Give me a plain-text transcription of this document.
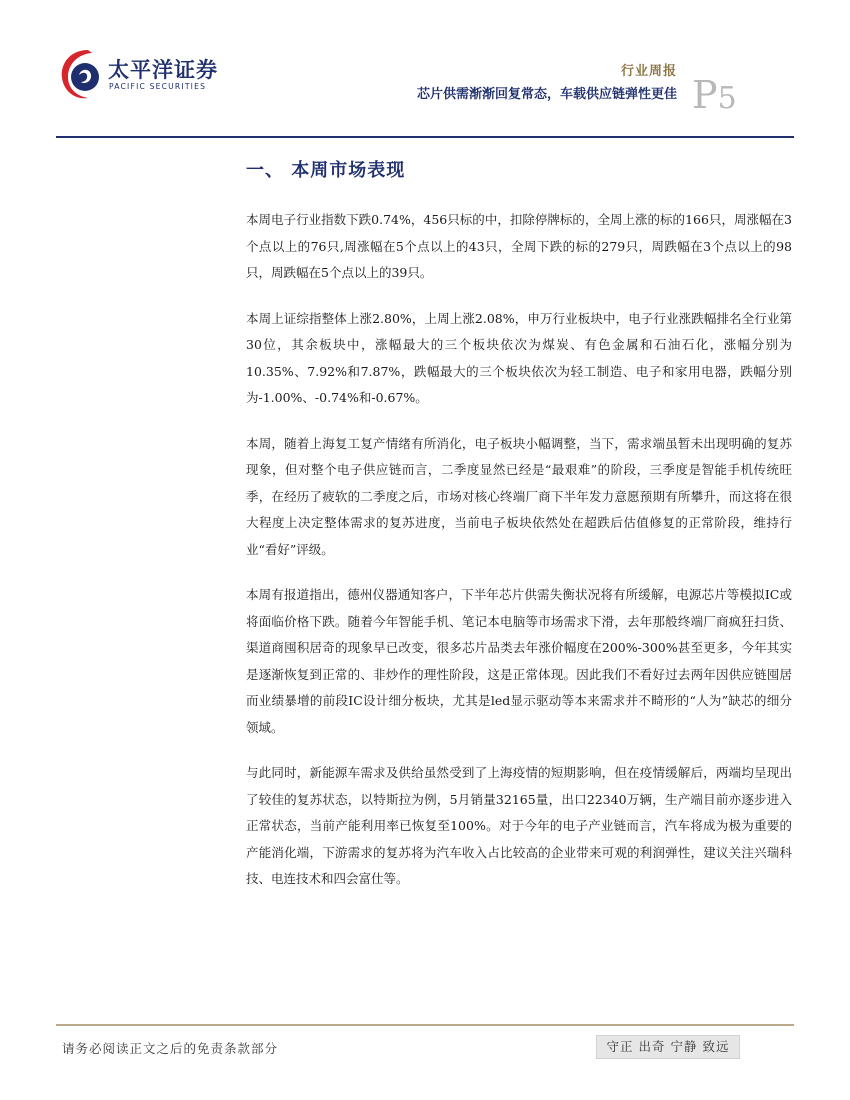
太平洋证券
PACIFIC SECURITIES
行业周报
芯片供需渐渐回复常态，车载供应链弹性更佳 P5
一、 本周市场表现

本周电子行业指数下跌0.74%，456只标的中，扣除停牌标的，全周上涨的标的166只，周涨幅在3个点以上的76只,周涨幅在5个点以上的43只，全周下跌的标的279只，周跌幅在3个点以上的98只，周跌幅在5个点以上的39只。

本周上证综指整体上涨2.80%，上周上涨2.08%，申万行业板块中，电子行业涨跌幅排名全行业第30位，其余板块中，涨幅最大的三个板块依次为煤炭、有色金属和石油石化，涨幅分别为10.35%、7.92%和7.87%，跌幅最大的三个板块依次为轻工制造、电子和家用电器，跌幅分别为-1.00%、-0.74%和-0.67%。

本周，随着上海复工复产情绪有所消化，电子板块小幅调整，当下，需求端虽暂未出现明确的复苏现象，但对整个电子供应链而言，二季度显然已经是“最艰难”的阶段，三季度是智能手机传统旺季，在经历了疲软的二季度之后，市场对核心终端厂商下半年发力意愿预期有所攀升，而这将在很大程度上决定整体需求的复苏进度，当前电子板块依然处在超跌后估值修复的正常阶段，维持行业“看好”评级。

本周有报道指出，德州仪器通知客户，下半年芯片供需失衡状况将有所缓解，电源芯片等模拟IC或将面临价格下跌。随着今年智能手机、笔记本电脑等市场需求下滑，去年那般终端厂商疯狂扫货、渠道商囤积居奇的现象早已改变，很多芯片品类去年涨价幅度在200%-300%甚至更多，今年其实是逐渐恢复到正常的、非炒作的理性阶段，这是正常体现。因此我们不看好过去两年因供应链囤居而业绩暴增的前段IC设计细分板块，尤其是led显示驱动等本来需求并不畸形的“人为”缺芯的细分领域。

与此同时，新能源车需求及供给虽然受到了上海疫情的短期影响，但在疫情缓解后，两端均呈现出了较佳的复苏状态，以特斯拉为例，5月销量32165量，出口22340万辆，生产端目前亦逐步进入正常状态，当前产能利用率已恢复至100%。对于今年的电子产业链而言，汽车将成为极为重要的产能消化端，下游需求的复苏将为汽车收入占比较高的企业带来可观的利润弹性，建议关注兴瑞科技、电连技术和四会富仕等。

请务必阅读正文之后的免责条款部分	守正 出奇 宁静 致远
